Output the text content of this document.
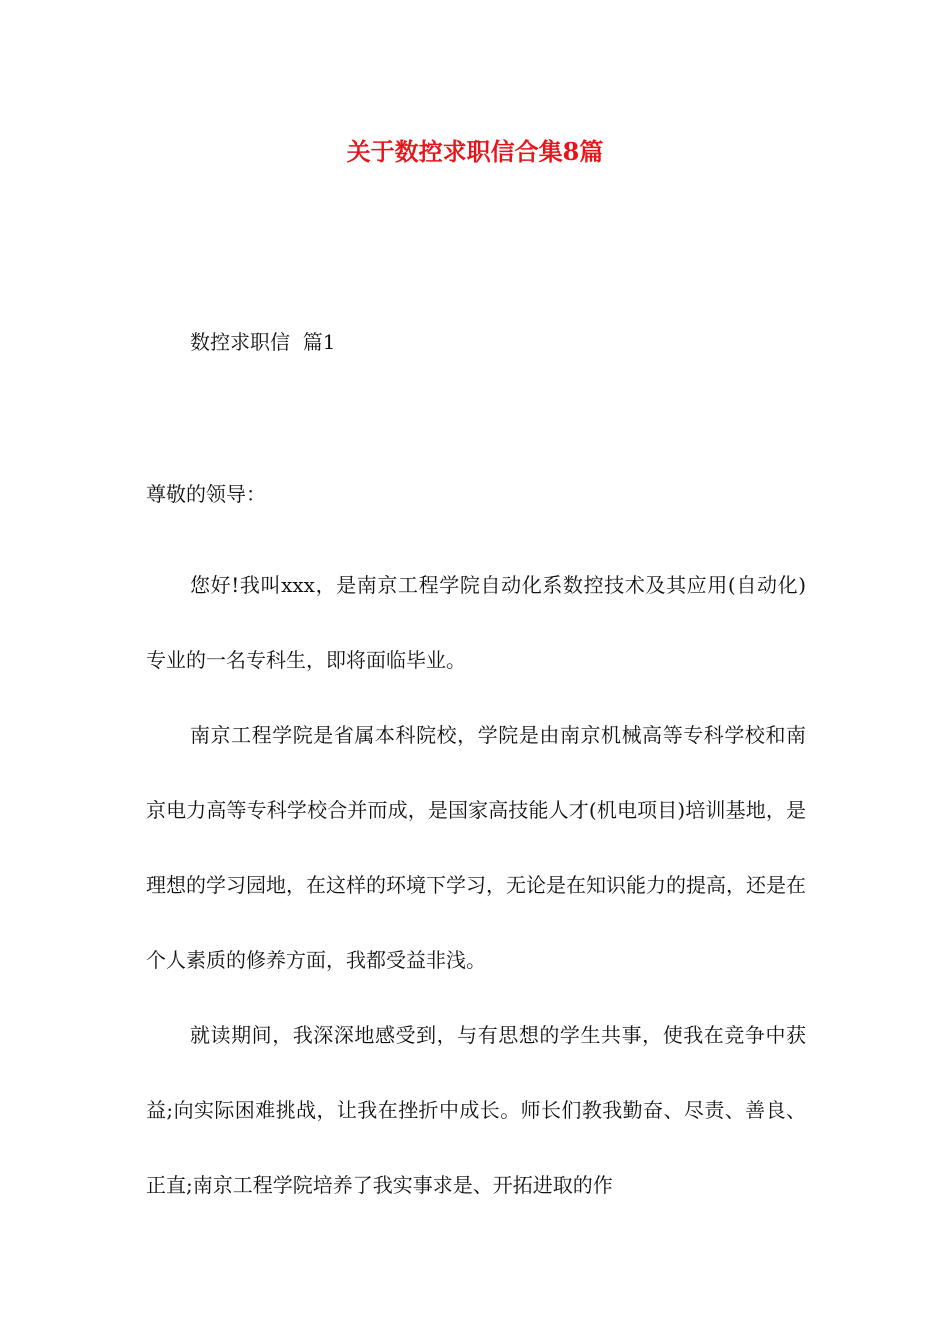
关于数控求职信合集8篇

数控求职信  篇1

尊敬的领导：

您好!我叫xxx，是南京工程学院自动化系数控技术及其应用(自动化)专业的一名专科生，即将面临毕业。

南京工程学院是省属本科院校，学院是由南京机械高等专科学校和南京电力高等专科学校合并而成，是国家高技能人才(机电项目)培训基地，是理想的学习园地，在这样的环境下学习，无论是在知识能力的提高，还是在个人素质的修养方面，我都受益非浅。

就读期间，我深深地感受到，与有思想的学生共事，使我在竞争中获益;向实际困难挑战，让我在挫折中成长。师长们教我勤奋、尽责、善良、正直;南京工程学院培养了我实事求是、开拓进取的作
